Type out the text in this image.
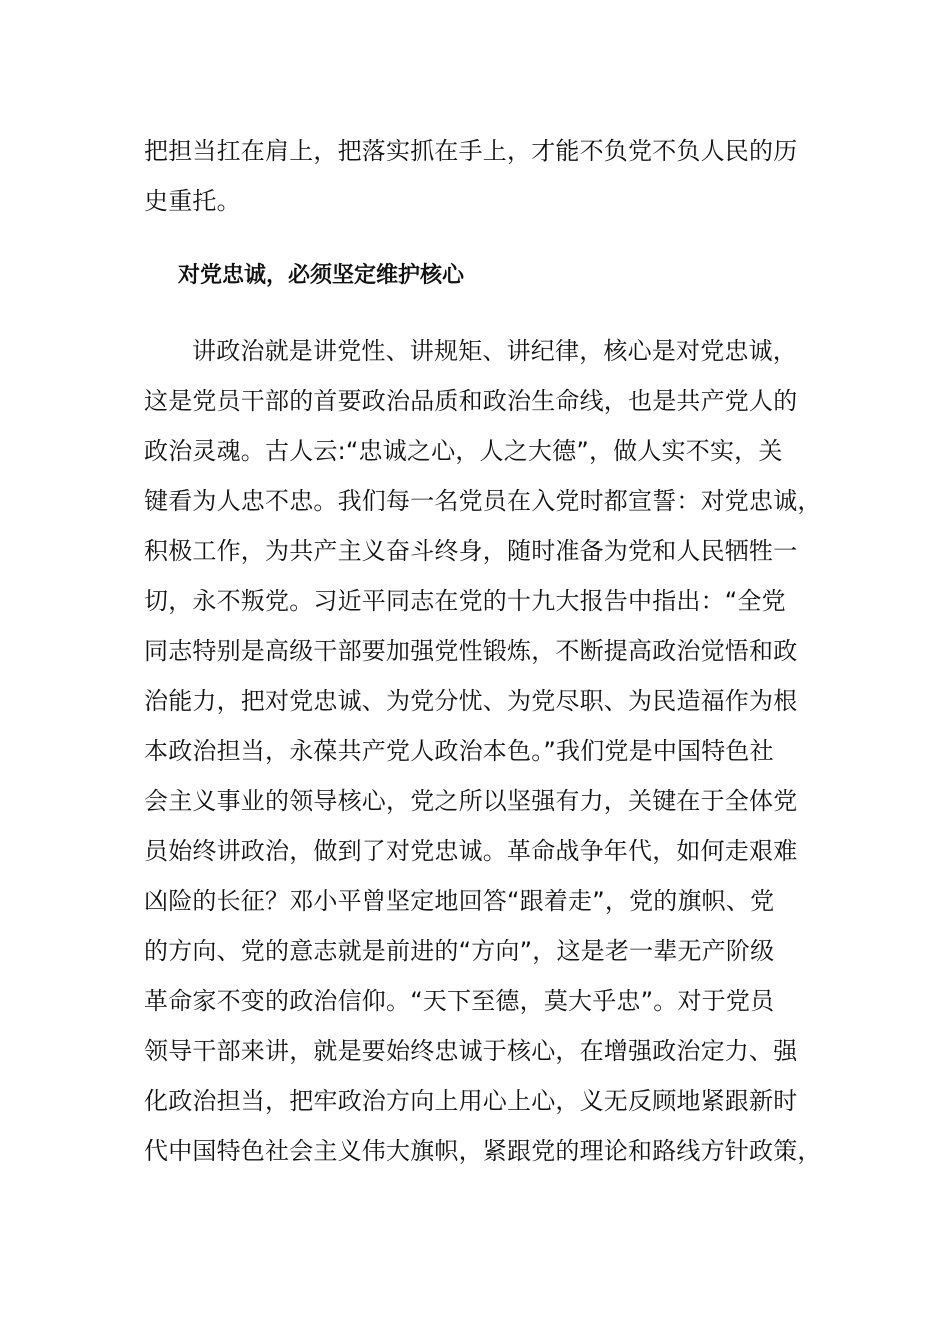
把担当扛在肩上，把落实抓在手上，才能不负党不负人民的历
史重托。
对党忠诚，必须坚定维护核心
讲政治就是讲党性、讲规矩、讲纪律，核心是对党忠诚，
这是党员干部的首要政治品质和政治生命线，也是共产党人的
政治灵魂。古人云:“忠诚之心，人之大德”，做人实不实，关
键看为人忠不忠。我们每一名党员在入党时都宣誓：对党忠诚，
积极工作，为共产主义奋斗终身，随时准备为党和人民牺牲一
切，永不叛党。习近平同志在党的十九大报告中指出：“全党
同志特别是高级干部要加强党性锻炼，不断提高政治觉悟和政
治能力，把对党忠诚、为党分忧、为党尽职、为民造福作为根
本政治担当，永葆共产党人政治本色。”我们党是中国特色社
会主义事业的领导核心，党之所以坚强有力，关键在于全体党
员始终讲政治，做到了对党忠诚。革命战争年代，如何走艰难
凶险的长征？邓小平曾坚定地回答“跟着走”，党的旗帜、党
的方向、党的意志就是前进的“方向”，这是老一辈无产阶级
革命家不变的政治信仰。“天下至德，莫大乎忠”。对于党员
领导干部来讲，就是要始终忠诚于核心，在增强政治定力、强
化政治担当，把牢政治方向上用心上心，义无反顾地紧跟新时
代中国特色社会主义伟大旗帜，紧跟党的理论和路线方针政策，
